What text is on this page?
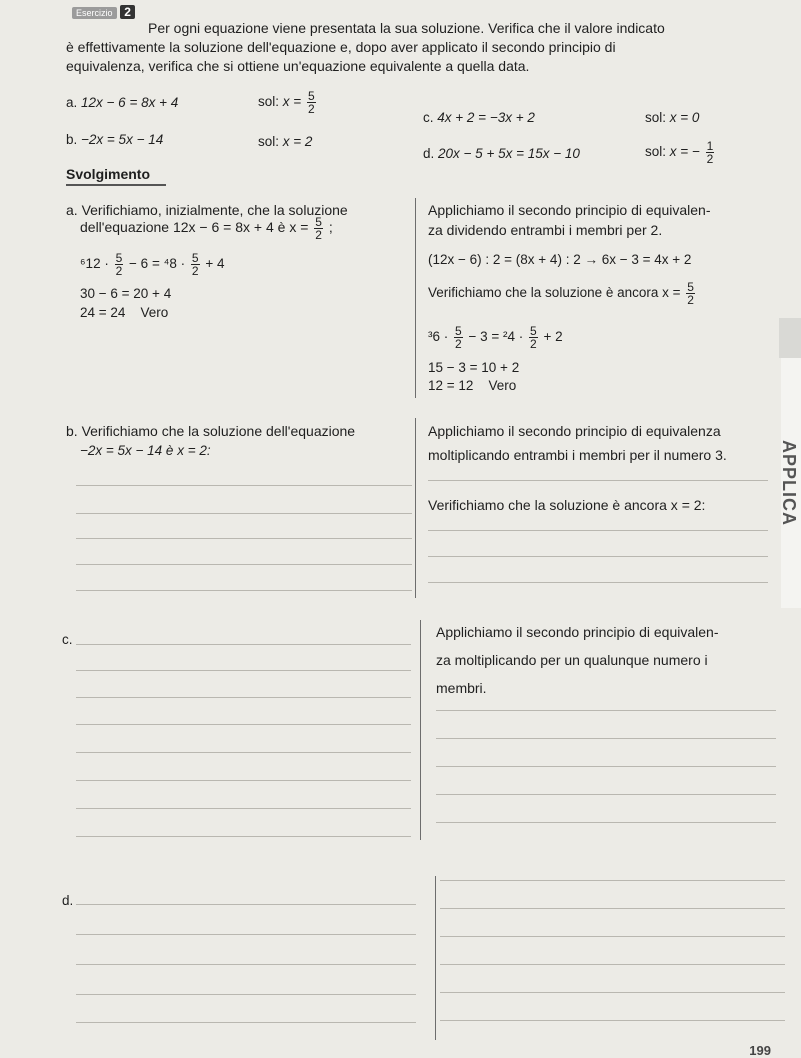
Esercizio 2
Per ogni equazione viene presentata la sua soluzione. Verifica che il valore indicato
è effettivamente la soluzione dell'equazione e, dopo aver applicato il secondo principio di
equivalenza, verifica che si ottiene un'equazione equivalente a quella data.
a. 12x − 6 = 8x + 4	sol: $x = \frac{5}{2}$
b. −2x = 5x − 14	sol: x = 2
c. 4x + 2 = −3x + 2	sol: x = 0
d. 20x − 5 + 5x = 15x − 10	sol: x = − $\frac{1}{2}$
Svolgimento
a. Verifichiamo, inizialmente, che la soluzione
dell'equazione 12x − 6 = 8x + 4 è $x = \frac{5}{2}$ ;
$^612 \cdot \frac{5}{2} - 6 = ^48 \cdot \frac{5}{2} + 4$
30 − 6 = 20 + 4
24 = 24 Vero
Applichiamo il secondo principio di equivalen-
za dividendo entrambi i membri per 2.
(12x − 6) : 2 = (8x + 4) : 2 → 6x − 3 = 4x + 2
Verifichiamo che la soluzione è ancora $x = \frac{5}{2}$
$^36 \cdot \frac{5}{2} - 3 = ^24 \cdot \frac{5}{2} + 2$
15 − 3 = 10 + 2
12 = 12 Vero
b. Verifichiamo che la soluzione dell'equazione
−2x = 5x − 14 è x = 2:
Applichiamo il secondo principio di equivalenza
moltiplicando entrambi i membri per il numero 3.
Verifichiamo che la soluzione è ancora x = 2:
c.	Applichiamo il secondo principio di equivalen-
za moltiplicando per un qualunque numero i
membri.
d.
APPLICA
199
